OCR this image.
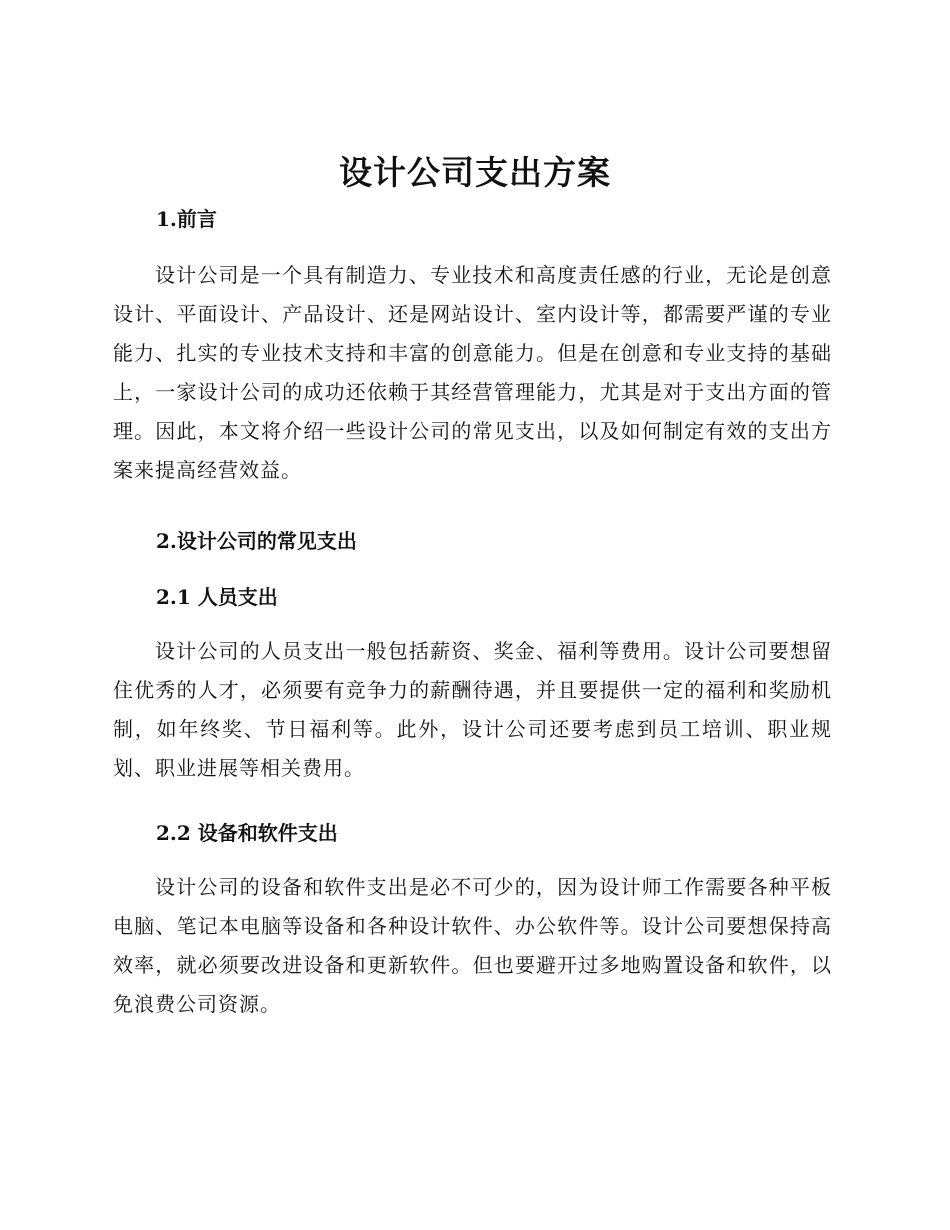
设计公司支出方案
1.前言

设计公司是一个具有制造力、专业技术和高度责任感的行业，无论是创意设计、平面设计、产品设计、还是网站设计、室内设计等，都需要严谨的专业能力、扎实的专业技术支持和丰富的创意能力。但是在创意和专业支持的基础上，一家设计公司的成功还依赖于其经营管理能力，尤其是对于支出方面的管理。因此，本文将介绍一些设计公司的常见支出，以及如何制定有效的支出方案来提高经营效益。

2.设计公司的常见支出
2.1 人员支出

设计公司的人员支出一般包括薪资、奖金、福利等费用。设计公司要想留住优秀的人才，必须要有竞争力的薪酬待遇，并且要提供一定的福利和奖励机制，如年终奖、节日福利等。此外，设计公司还要考虑到员工培训、职业规划、职业进展等相关费用。

2.2 设备和软件支出

设计公司的设备和软件支出是必不可少的，因为设计师工作需要各种平板电脑、笔记本电脑等设备和各种设计软件、办公软件等。设计公司要想保持高效率，就必须要改进设备和更新软件。但也要避开过多地购置设备和软件，以免浪费公司资源。
